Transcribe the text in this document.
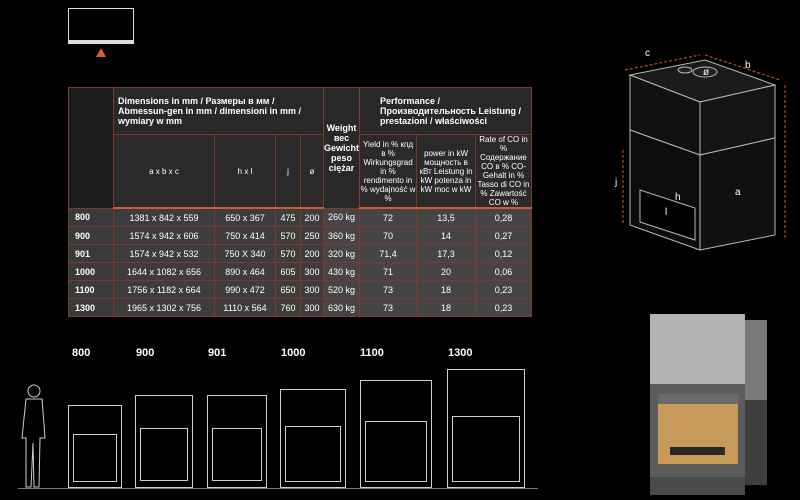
	Dimensions in mm / Размеры в мм / Abmessun-gen in mm / dimensioni in mm / wymiary w mm				Weight вес Gewicht peso ciężar	Performance / Производительность Leistung / prestazioni / właściwości		
	a x b x c	h x l	j	ø		Yield in % кпд в % Wirkungsgrad in % rendimento in % wydajność w %	power in kW мощность в кВт Leistung in kW potenza in kW moc w kW	Rate of CO in % Содержание CO в % CO-Gehalt in % Tasso di CO in % Zawartość CO w %
800	1381 x 842 x 559	650 x 367	475	200	260 kg	72	13,5	0,28
900	1574 x 942 x 606	750 x 414	570	250	360 kg	70	14	0,27
901	1574 x 942 x 532	750 X 340	570	200	320 kg	71,4	17,3	0,12
1000	1644 x 1082 x 656	890 x 464	605	300	430 kg	71	20	0,06
1100	1756 x 1182 x 664	990 x 472	650	300	520 kg	73	18	0,23
1300	1965 x 1302 x 756	1110 x 564	760	300	630 kg	73	18	0,23
c
b
a
j
h
l
ø
800	900	901	1000	1100	1300
